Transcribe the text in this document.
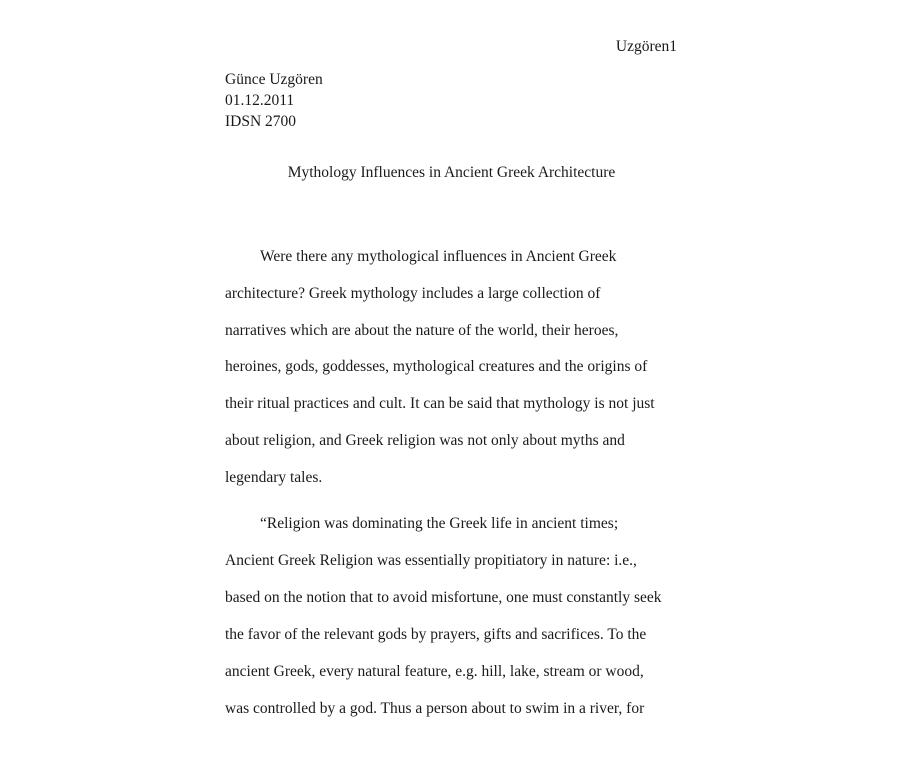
Uzgören1
Günce Uzgören
01.12.2011
IDSN 2700
Mythology Influences in Ancient Greek Architecture
Were there any mythological influences in Ancient Greek
architecture? Greek mythology includes a large collection of
narratives which are about the nature of the world, their heroes,
heroines, gods, goddesses, mythological creatures and the origins of
their ritual practices and cult. It can be said that mythology is not just
about religion, and Greek religion was not only about myths and
legendary tales.
“Religion was dominating the Greek life in ancient times;
Ancient Greek Religion was essentially propitiatory in nature: i.e.,
based on the notion that to avoid misfortune, one must constantly seek
the favor of the relevant gods by prayers, gifts and sacrifices. To the
ancient Greek, every natural feature, e.g. hill, lake, stream or wood,
was controlled by a god. Thus a person about to swim in a river, for
